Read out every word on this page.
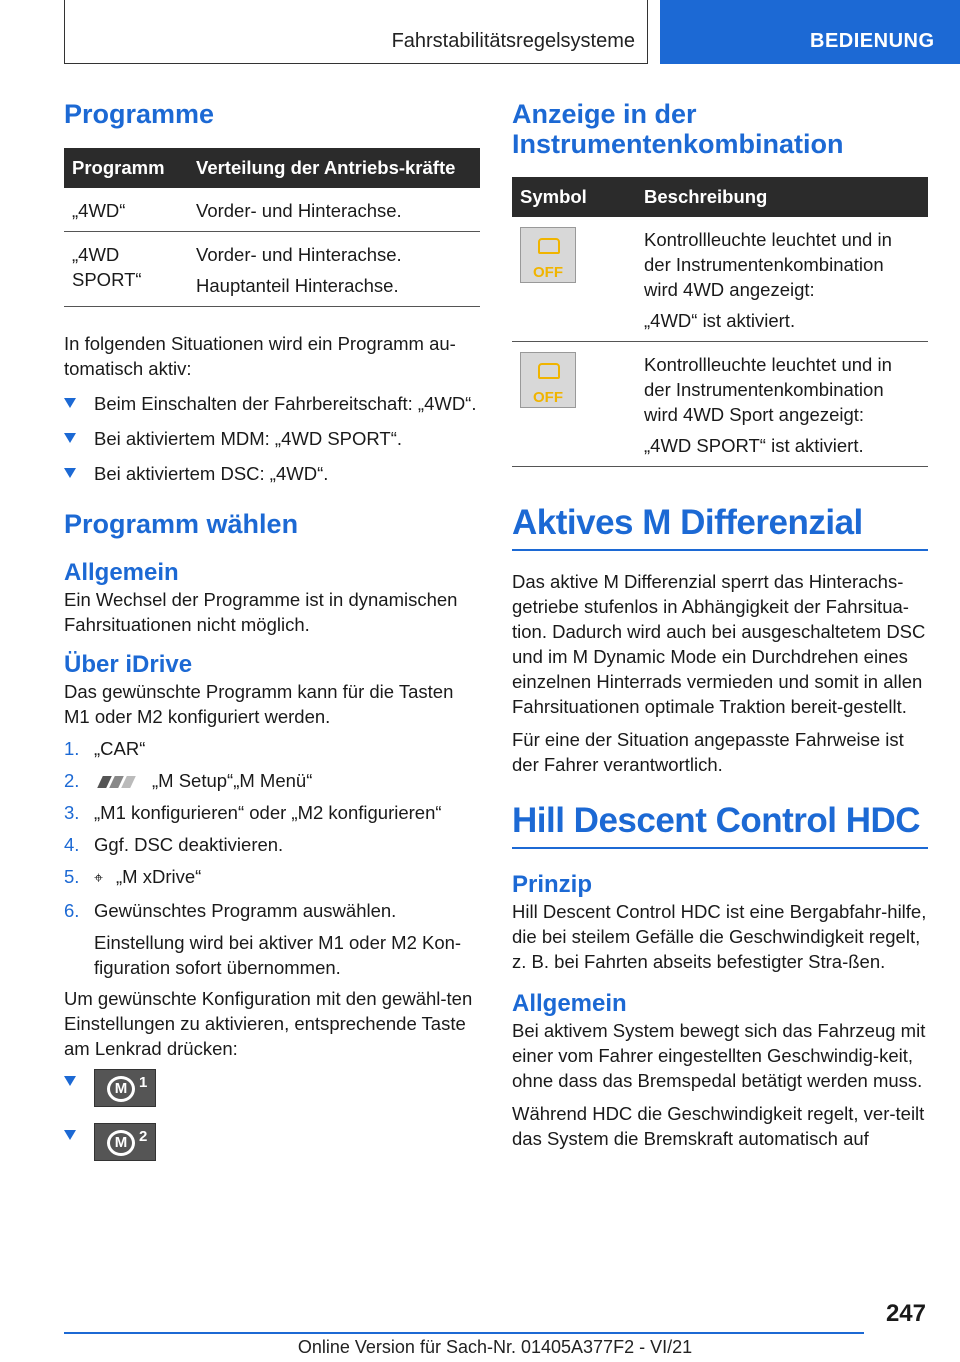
Fahrstabilitätsregelsysteme	BEDIENUNG
Programme
Programm	Verteilung der Antriebs-kräfte
„4WD“	Vorder- und Hinterachse.
„4WD SPORT“	Vorder- und Hinterachse.
Hauptanteil Hinterachse.

In folgenden Situationen wird ein Programm au-tomatisch aktiv:

Beim Einschalten der Fahrbereitschaft: „4WD“.
Bei aktiviertem MDM: „4WD SPORT“.
Bei aktiviertem DSC: „4WD“.
Programm wählen
Allgemein

Ein Wechsel der Programme ist in dynamischen Fahrsituationen nicht möglich.

Über iDrive

Das gewünschte Programm kann für die Tasten M1 oder M2 konfiguriert werden.

1. „CAR“
2.	„M Setup“„M Menü“
3. „M1 konfigurieren“ oder „M2 konfigurieren“
4. Ggf. DSC deaktivieren.
5. ⌖ „M xDrive“
6. Gewünschtes Programm auswählen.
Einstellung wird bei aktiver M1 oder M2 Kon-figuration sofort übernommen.

Um gewünschte Konfiguration mit den gewähl-ten Einstellungen zu aktivieren, entsprechende Taste am Lenkrad drücken:

M 1
M 2
Anzeige in der Instrumentenkombination
Symbol	Beschreibung

OFF	Kontrollleuchte leuchtet und in der Instrumentenkombination wird 4WD angezeigt:
„4WD“ ist aktiviert.

OFF	Kontrollleuchte leuchtet und in der Instrumentenkombination wird 4WD Sport angezeigt:
„4WD SPORT“ ist aktiviert.
Aktives M Differenzial

Das aktive M Differenzial sperrt das Hinterachs-getriebe stufenlos in Abhängigkeit der Fahrsitua-tion. Dadurch wird auch bei ausgeschaltetem DSC und im M Dynamic Mode ein Durchdrehen eines einzelnen Hinterrads vermieden und somit in allen Fahrsituationen optimale Traktion bereit-gestellt.

Für eine der Situation angepasste Fahrweise ist der Fahrer verantwortlich.

Hill Descent Control HDC
Prinzip

Hill Descent Control HDC ist eine Bergabfahr-hilfe, die bei steilem Gefälle die Geschwindigkeit regelt, z. B. bei Fahrten abseits befestigter Stra-ßen.

Allgemein

Bei aktivem System bewegt sich das Fahrzeug mit einer vom Fahrer eingestellten Geschwindig-keit, ohne dass das Bremspedal betätigt werden muss.

Während HDC die Geschwindigkeit regelt, ver-teilt das System die Bremskraft automatisch auf

247
Online Version für Sach-Nr. 01405A377F2 - VI/21
